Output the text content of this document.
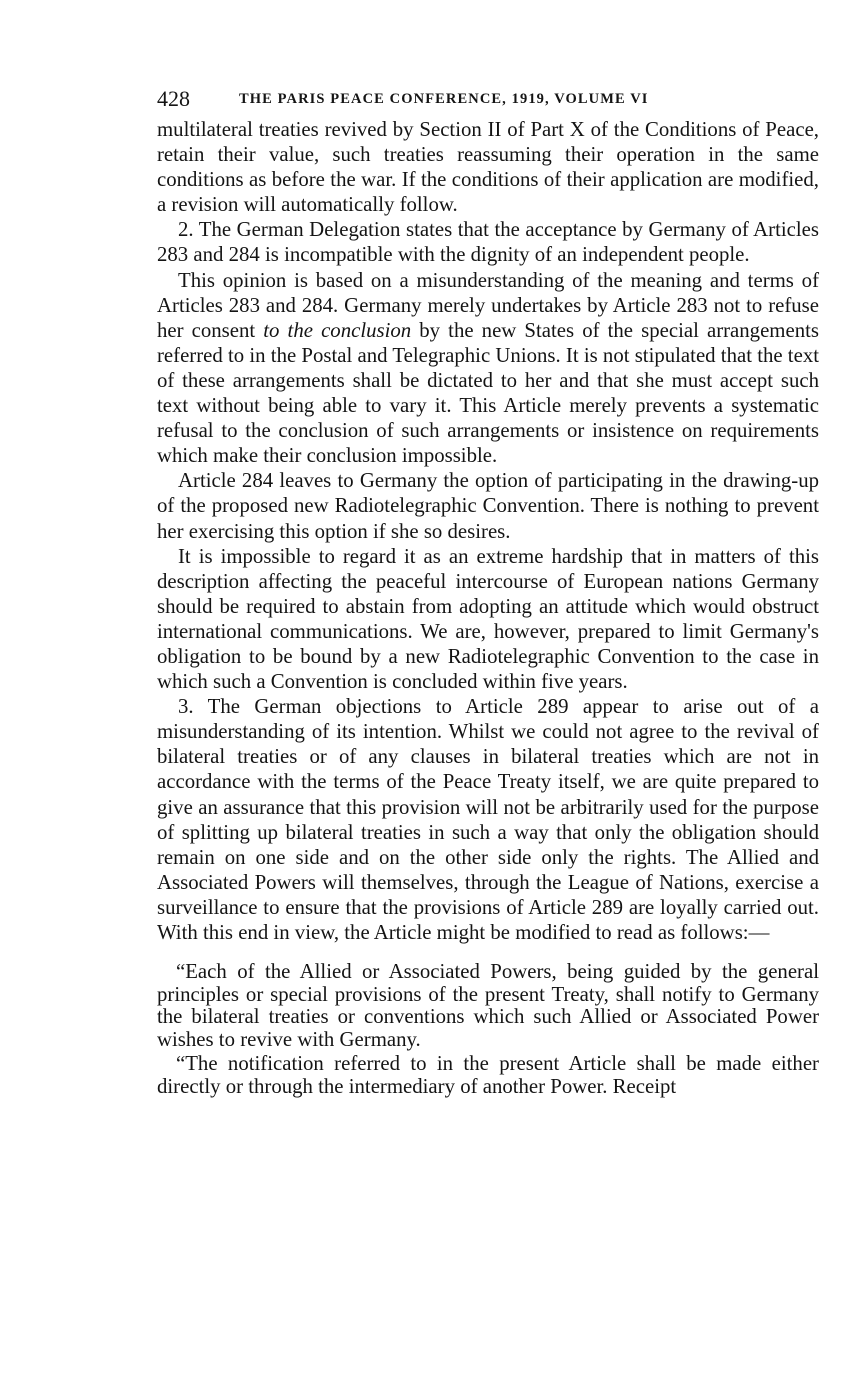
428	THE PARIS PEACE CONFERENCE, 1919, VOLUME VI

multilateral treaties revived by Section II of Part X of the Conditions of Peace, retain their value, such treaties reassuming their operation in the same conditions as before the war. If the conditions of their application are modified, a revision will automatically follow.

2. The German Delegation states that the acceptance by Germany of Articles 283 and 284 is incompatible with the dignity of an independent people.

This opinion is based on a misunderstanding of the meaning and terms of Articles 283 and 284. Germany merely undertakes by Article 283 not to refuse her consent to the conclusion by the new States of the special arrangements referred to in the Postal and Telegraphic Unions. It is not stipulated that the text of these arrangements shall be dictated to her and that she must accept such text without being able to vary it. This Article merely prevents a systematic refusal to the conclusion of such arrangements or insistence on requirements which make their conclusion impossible.

Article 284 leaves to Germany the option of participating in the drawing-up of the proposed new Radiotelegraphic Convention. There is nothing to prevent her exercising this option if she so desires.

It is impossible to regard it as an extreme hardship that in matters of this description affecting the peaceful intercourse of European nations Germany should be required to abstain from adopting an attitude which would obstruct international communications. We are, however, prepared to limit Germany's obligation to be bound by a new Radiotelegraphic Convention to the case in which such a Convention is concluded within five years.

3. The German objections to Article 289 appear to arise out of a misunderstanding of its intention. Whilst we could not agree to the revival of bilateral treaties or of any clauses in bilateral treaties which are not in accordance with the terms of the Peace Treaty itself, we are quite prepared to give an assurance that this provision will not be arbitrarily used for the purpose of splitting up bilateral treaties in such a way that only the obligation should remain on one side and on the other side only the rights. The Allied and Associated Powers will themselves, through the League of Nations, exercise a surveillance to ensure that the provisions of Article 289 are loyally carried out. With this end in view, the Article might be modified to read as follows:—

“Each of the Allied or Associated Powers, being guided by the general principles or special provisions of the present Treaty, shall notify to Germany the bilateral treaties or conventions which such Allied or Associated Power wishes to revive with Germany.

“The notification referred to in the present Article shall be made either directly or through the intermediary of another Power. Receipt
